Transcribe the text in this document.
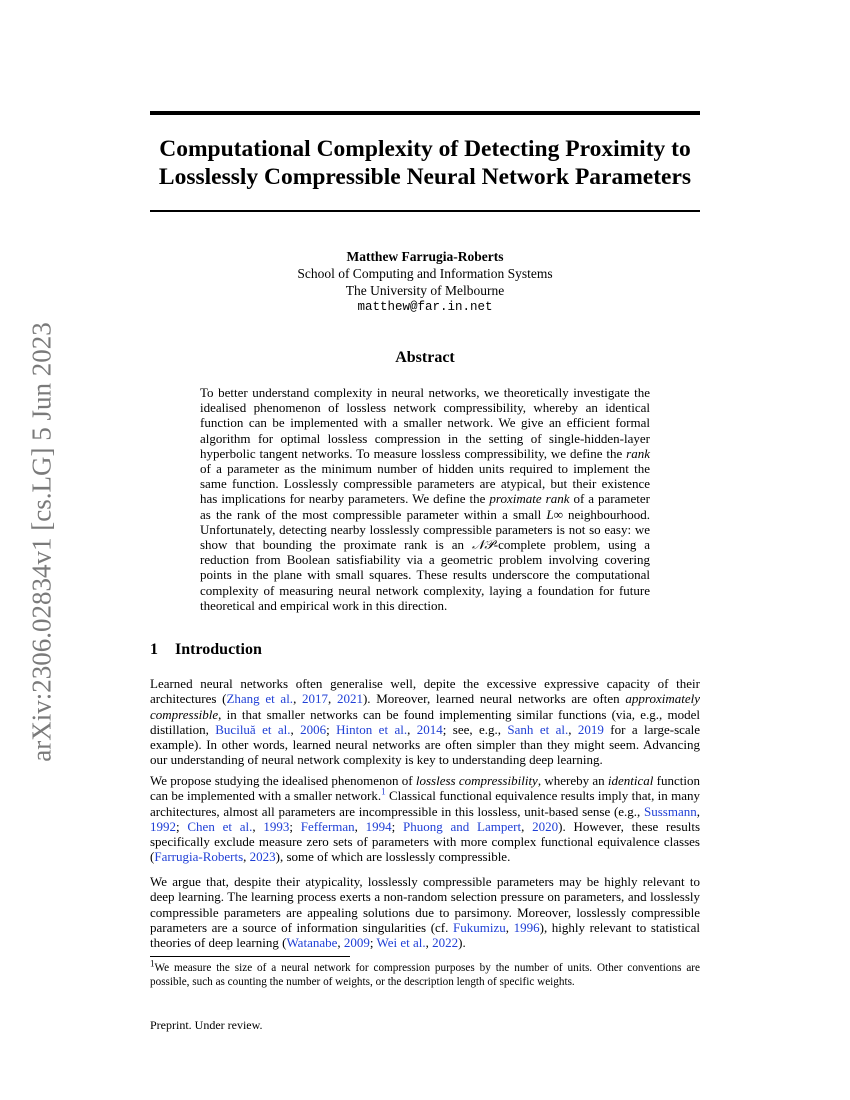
arXiv:2306.02834v1 [cs.LG] 5 Jun 2023
Computational Complexity of Detecting Proximity to
Losslessly Compressible Neural Network Parameters
Matthew Farrugia-Roberts
School of Computing and Information Systems
The University of Melbourne
matthew@far.in.net
Abstract
To better understand complexity in neural networks, we theoretically investigate the idealised phenomenon of lossless network compressibility, whereby an identical function can be implemented with a smaller network. We give an efficient formal algorithm for optimal lossless compression in the setting of single-hidden-layer hyperbolic tangent networks. To measure lossless compressibility, we define the rank of a parameter as the minimum number of hidden units required to implement the same function. Losslessly compressible parameters are atypical, but their existence has implications for nearby parameters. We define the proximate rank of a parameter as the rank of the most compressible parameter within a small L∞ neighbourhood. Unfortunately, detecting nearby losslessly compressible parameters is not so easy: we show that bounding the proximate rank is an 𝒩𝒫-complete problem, using a reduction from Boolean satisfiability via a geometric problem involving covering points in the plane with small squares. These results underscore the computational complexity of measuring neural network complexity, laying a foundation for future theoretical and empirical work in this direction.
1 Introduction
Learned neural networks often generalise well, depite the excessive expressive capacity of their architectures (Zhang et al., 2017, 2021). Moreover, learned neural networks are often approximately compressible, in that smaller networks can be found implementing similar functions (via, e.g., model distillation, Buciluă et al., 2006; Hinton et al., 2014; see, e.g., Sanh et al., 2019 for a large-scale example). In other words, learned neural networks are often simpler than they might seem. Advancing our understanding of neural network complexity is key to understanding deep learning.
We propose studying the idealised phenomenon of lossless compressibility, whereby an identical function can be implemented with a smaller network.$^1$ Classical functional equivalence results imply that, in many architectures, almost all parameters are incompressible in this lossless, unit-based sense (e.g., Sussmann, 1992; Chen et al., 1993; Fefferman, 1994; Phuong and Lampert, 2020). However, these results specifically exclude measure zero sets of parameters with more complex functional equivalence classes (Farrugia-Roberts, 2023), some of which are losslessly compressible.
We argue that, despite their atypicality, losslessly compressible parameters may be highly relevant to deep learning. The learning process exerts a non-random selection pressure on parameters, and losslessly compressible parameters are appealing solutions due to parsimony. Moreover, losslessly compressible parameters are a source of information singularities (cf. Fukumizu, 1996), highly relevant to statistical theories of deep learning (Watanabe, 2009; Wei et al., 2022).
$^1$We measure the size of a neural network for compression purposes by the number of units. Other conventions are possible, such as counting the number of weights, or the description length of specific weights.
Preprint. Under review.
